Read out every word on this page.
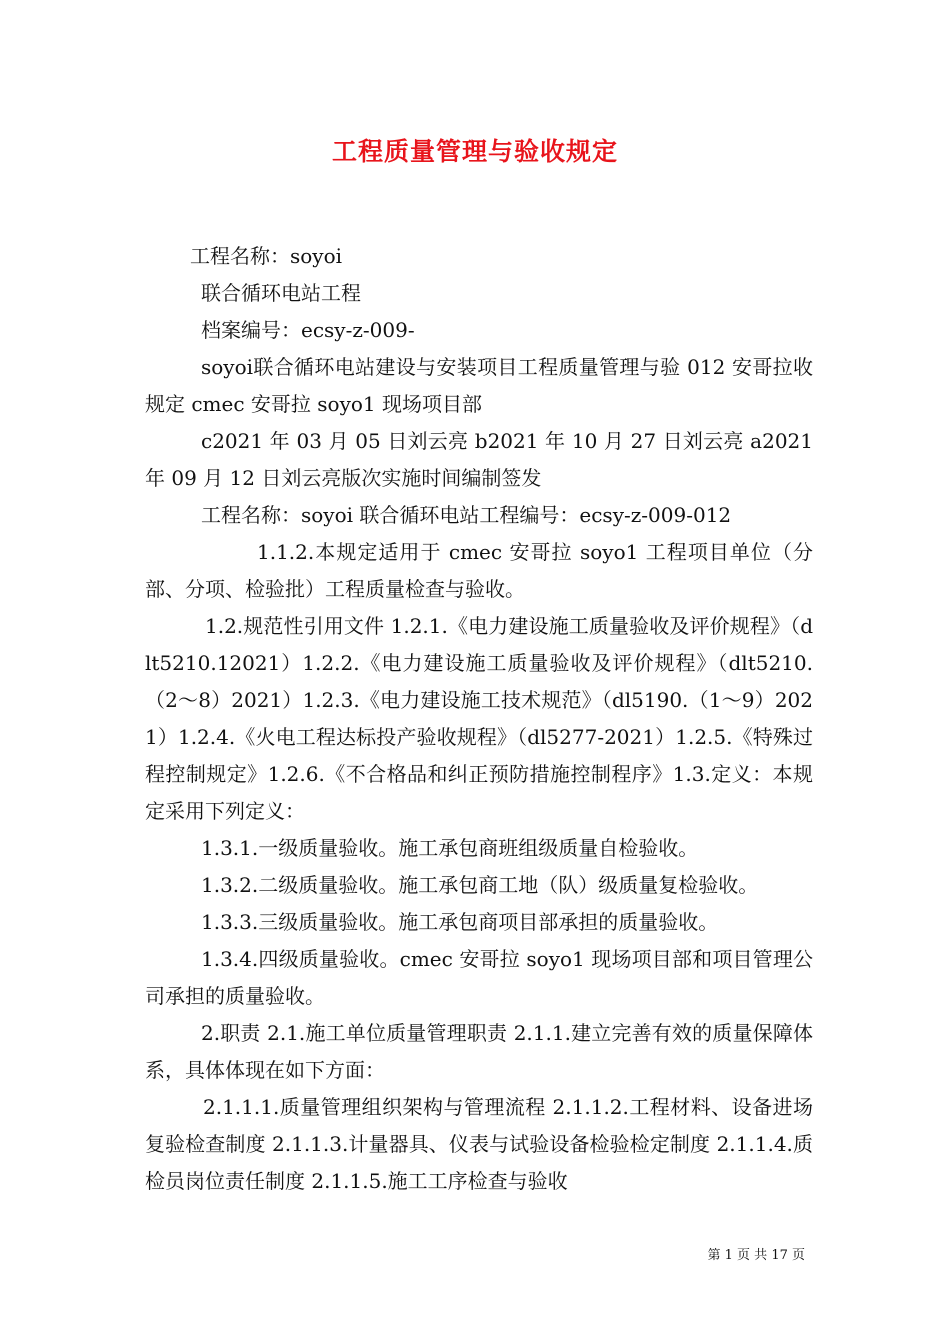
工程质量管理与验收规定

工程名称：soyoi

联合循环电站工程

档案编号：ecsy-z-009-

soyoi联合循环电站建设与安装项目工程质量管理与验 012 安哥拉收规定 cmec 安哥拉 soyo1 现场项目部

c2021 年 03 月 05 日刘云亮 b2021 年 10 月 27 日刘云亮 a2021 年 09 月 12 日刘云亮版次实施时间编制签发

工程名称：soyoi 联合循环电站工程编号：ecsy-z-009-012

1.1.2.本规定适用于 cmec 安哥拉 soyo1 工程项目单位（分部、分项、检验批）工程质量检查与验收。

1.2.规范性引用文件 1.2.1.《电力建设施工质量验收及评价规程》（dlt5210.12021）1.2.2.《电力建设施工质量验收及评价规程》（dlt5210.（2～8）2021）1.2.3.《电力建设施工技术规范》（dl5190.（1～9）2021）1.2.4.《火电工程达标投产验收规程》（dl5277-2021）1.2.5.《特殊过程控制规定》1.2.6.《不合格品和纠正预防措施控制程序》1.3.定义：本规定采用下列定义：

1.3.1.一级质量验收。施工承包商班组级质量自检验收。

1.3.2.二级质量验收。施工承包商工地（队）级质量复检验收。

1.3.3.三级质量验收。施工承包商项目部承担的质量验收。

1.3.4.四级质量验收。cmec 安哥拉 soyo1 现场项目部和项目管理公司承担的质量验收。

2.职责 2.1.施工单位质量管理职责 2.1.1.建立完善有效的质量保障体系，具体体现在如下方面：

2.1.1.1.质量管理组织架构与管理流程 2.1.1.2.工程材料、设备进场复验检查制度 2.1.1.3.计量器具、仪表与试验设备检验检定制度 2.1.1.4.质检员岗位责任制度 2.1.1.5.施工工序检查与验收

第 1 页 共 17 页
